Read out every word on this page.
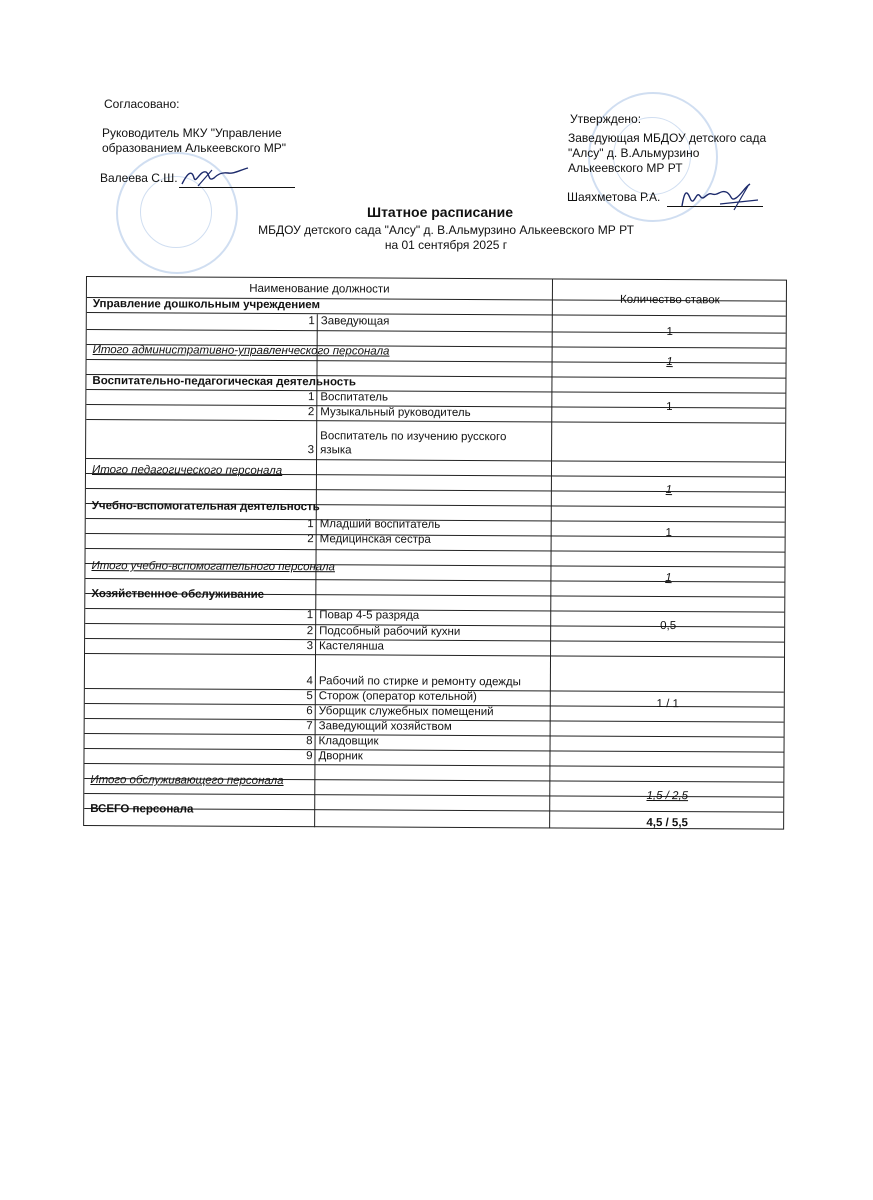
Согласовано:
Руководитель МКУ "Управление
образованием Алькеевского МР"
Валеева С.Ш.
Утверждено:
Заведующая МБДОУ детского сада
"Алсу" д. В.Альмурзино
Алькеевского МР РТ
Шаяхметова Р.А.
Штатное расписание
МБДОУ детского сада "Алсу" д. В.Альмурзино Алькеевского МР РТ
на 01 сентября 2025 г
Наименование должности
Количество ставок
Управление дошкольным учреждением
1 Заведующая
1
Итого административно-управленческого персонала
1
Воспитательно-педагогическая деятельность
1 Воспитатель
1
2 Музыкальный руководитель
Воспитатель по изучению русского
3 языка
Итого педагогического персонала
1
Учебно-вспомогательная деятельность
1 Младший воспитатель
1
2 Медицинская сестра
Итого учебно-вспомогательного персонала
1
Хозяйственное обслуживание
1 Повар 4-5 разряда
0,5
2 Подсобный рабочий кухни
3 Кастелянша
4 Рабочий по стирке и ремонту одежды
5 Сторож (оператор котельной)
1 / 1
6 Уборщик служебных помещений
7 Заведующий хозяйством
8 Кладовщик
9 Дворник
Итого обслуживающего персонала
1,5 / 2,5
ВСЕГО персонала
4,5 / 5,5
